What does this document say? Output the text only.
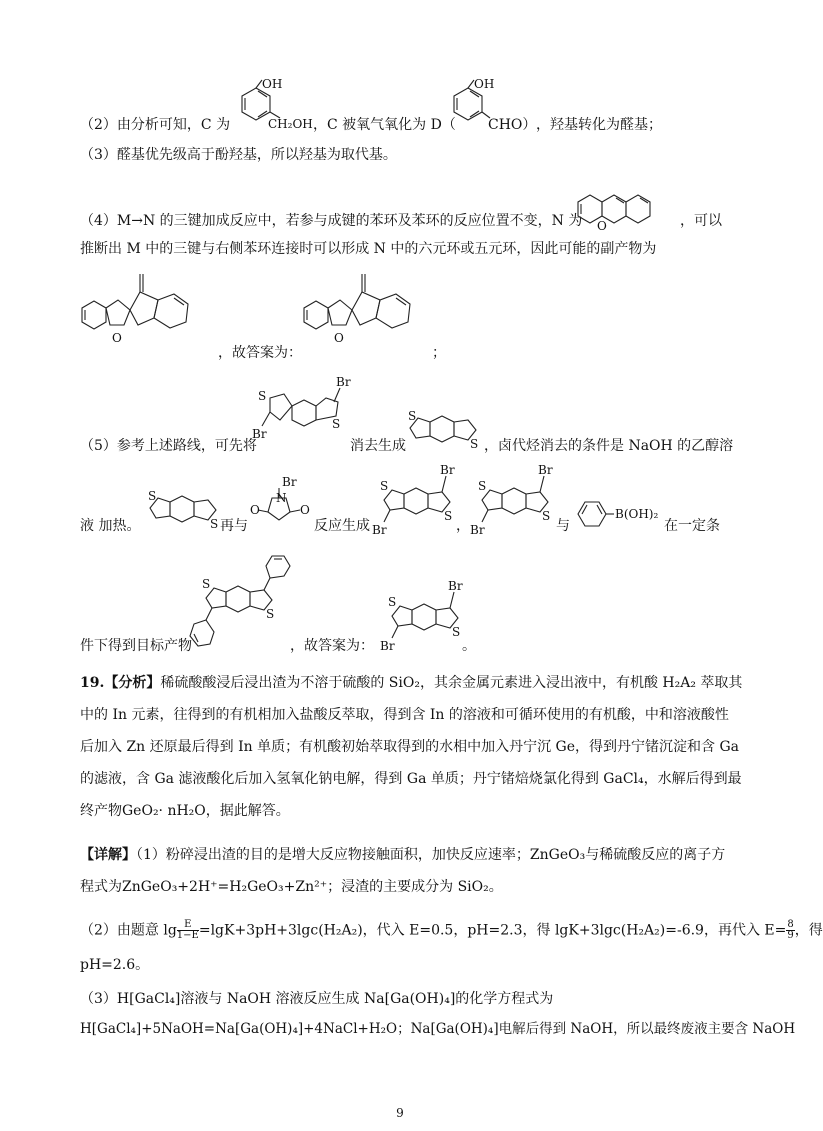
（2）由分析可知，C 为
OH
CH₂OH ，C 被氧气氧化为 D（
OH
CHO） ，羟基转化为醛基；
（3）醛基优先级高于酚羟基，所以羟基为取代基。
（4）M→N 的三键加成反应中，若参与成键的苯环及苯环的反应位置不变，N 为 O	，可以
推断出 M 中的三键与右侧苯环连接时可以形成 N 中的六元环或五元环，因此可能的副产物为
O
，故答案为：
O
；
（5）参考上述路线，可先将
S
S
Br
Br
消去生成
S
S ，卤代烃消去的条件是 NaOH 的乙醇溶
液 加热。
S
S 再与
N
Br
O	O
反应生成
S
S
Br
Br	，
S
S
Br
Br	与
B(OH)₂
在一定条
件下得到目标产物
S
S
，故答案为：
S
S
Br
Br	。
19.【分析】稀硫酸酸浸后浸出渣为不溶于硫酸的 SiO₂，其余金属元素进入浸出液中，有机酸 H₂A₂ 萃取其
中的 In 元素，往得到的有机相加入盐酸反萃取，得到含 In 的溶液和可循环使用的有机酸，中和溶液酸性
后加入 Zn 还原最后得到 In 单质；有机酸初始萃取得到的水相中加入丹宁沉 Ge，得到丹宁锗沉淀和含 Ga
的滤液，含 Ga 滤液酸化后加入氢氧化钠电解，得到 Ga 单质；丹宁锗焙烧氯化得到 GaCl₄，水解后得到最
终产物GeO₂· nH₂O，据此解答。
【详解】（1）粉碎浸出渣的目的是增大反应物接触面积，加快反应速率；ZnGeO₃与稀硫酸反应的离子方
程式为ZnGeO₃+2H⁺=H₂GeO₃+Zn²⁺；浸渣的主要成分为 SiO₂。
（2）由题意 $\lg \frac{E}{1-E} =\lg K+3pH+3\lg c(H_2A_2)$，代入 E=0.5，pH=2.3，得 lgK+3lgc(H₂A₂)=-6.9，再代入 $E= \frac{8}{9}$ ，得
pH=2.6。
（3）H[GaCl₄]溶液与 NaOH 溶液反应生成 Na[Ga(OH)₄]的化学方程式为
H[GaCl₄]+5NaOH=Na[Ga(OH)₄]+4NaCl+H₂O；Na[Ga(OH)₄]电解后得到 NaOH，所以最终废液主要含 NaOH
9
